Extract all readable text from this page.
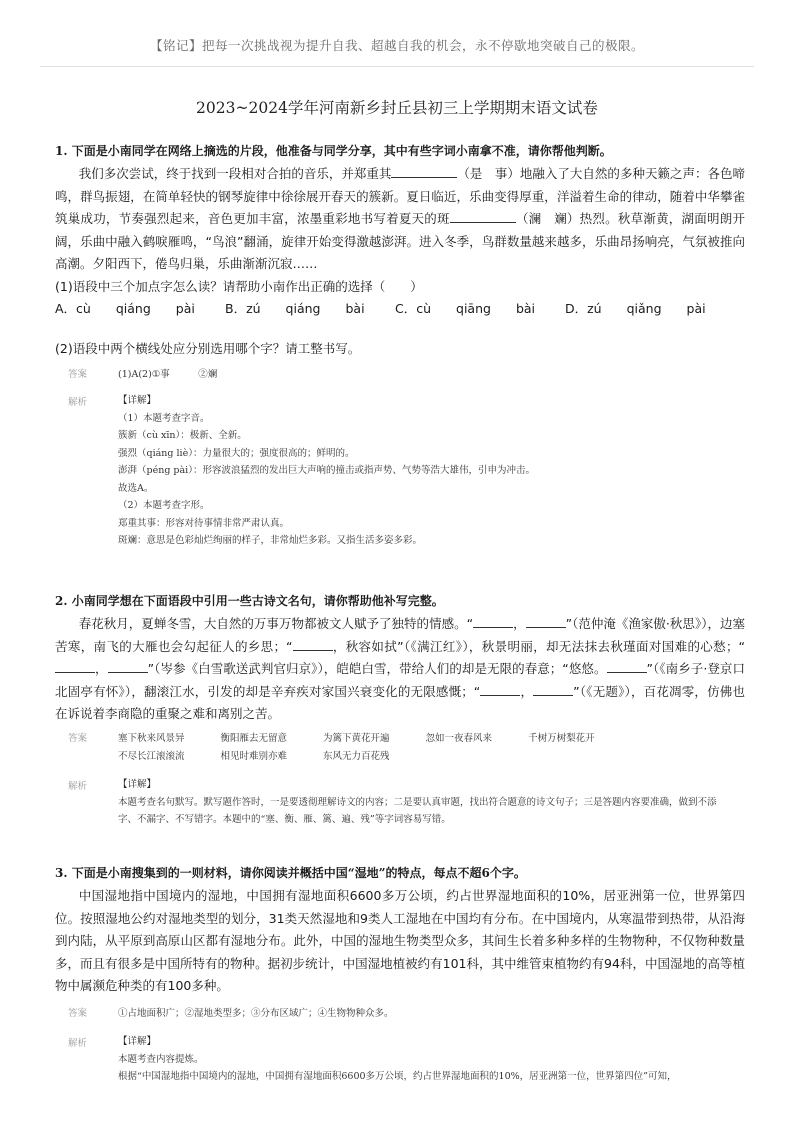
【铭记】把每一次挑战视为提升自我、超越自我的机会，永不停歇地突破自己的极限。
2023~2024学年河南新乡封丘县初三上学期期末语文试卷
1. 下面是小南同学在网络上摘选的片段，他准备与同学分享，其中有些字词小南拿不准，请你帮他判断。
我们多次尝试，终于找到一段相对合拍的音乐，并郑重其	（是　事）地融入了大自然的多种天籁之声：各色啼鸣，群鸟振翅，在简单轻快的钢琴旋律中徐徐展开春天的簇新。夏日临近，乐曲变得厚重，洋溢着生命的律动，随着中华攀雀筑巢成功，节奏强烈起来，音色更加丰富，浓墨重彩地书写着夏天的斑	（澜　斓）热烈。秋草渐黄，湖面明朗开阔，乐曲中融入鹤唳雁鸣，“鸟浪”翻涌，旋律开始变得激越澎湃。进入冬季，鸟群数量越来越多，乐曲昂扬响亮，气氛被推向高潮。夕阳西下，倦鸟归巢，乐曲渐渐沉寂……
(1)语段中三个加点字怎么读？请帮助小南作出正确的选择（　　）
A．cù　　qiáng　　pài	B．zú　　qiáng　　bài	C．cù　　qiāng　　bài	D．zú　　qiǎng　　pài
(2)语段中两个横线处应分别选用哪个字？请工整书写。
答案	(1)A(2)①事　　　②斓
解析	【详解】
（1）本题考查字音。
簇新（cù xīn）：极新、全新。
强烈（qiáng liè）：力量很大的；强度很高的；鲜明的。
澎湃（péng pài）：形容波浪猛烈的发出巨大声响的撞击或指声势、气势等浩大雄伟，引申为冲击。
故选A。
（2）本题考查字形。
郑重其事：形容对待事情非常严肃认真。
斑斓：意思是色彩灿烂绚丽的样子，非常灿烂多彩。又指生活多姿多彩。
2. 小南同学想在下面语段中引用一些古诗文名句，请你帮助他补写完整。
春花秋月，夏蝉冬雪，大自然的万事万物都被文人赋予了独特的情感。“	，	”（范仲淹《渔家傲·秋思》），边塞苦寒，南飞的大雁也会勾起征人的乡思；“	，秋容如拭”（《满江红》），秋景明丽，却无法抹去秋瑾面对国难的心愁；“，	”（岑参《白雪歌送武判官归京》），皑皑白雪，带给人们的却是无限的春意；“悠悠。	”（《南乡子·登京口北固亭有怀》），翻滚江水，引发的却是辛弃疾对家国兴衰变化的无限感慨；“	，	”（《无题》），百花凋零，仿佛也在诉说着李商隐的重聚之难和离别之苦。
答案	塞下秋来风景异	衡阳雁去无留意	为篱下黄花开遍	忽如一夜春风来	千树万树梨花开
不尽长江滚滚流	相见时难别亦难	东风无力百花残
解析	【详解】
本题考查名句默写。默写题作答时，一是要透彻理解诗文的内容；二是要认真审题，找出符合题意的诗文句子；三是答题内容要准确，做到不添字、不漏字、不写错字。本题中的“塞、衡、雁、篱、遍、残”等字词容易写错。
3. 下面是小南搜集到的一则材料，请你阅读并概括中国“湿地”的特点，每点不超6个字。
中国湿地指中国境内的湿地，中国拥有湿地面积6600多万公顷，约占世界湿地面积的10%，居亚洲第一位，世界第四位。按照湿地公约对湿地类型的划分，31类天然湿地和9类人工湿地在中国均有分布。在中国境内，从寒温带到热带，从沿海到内陆，从平原到高原山区都有湿地分布。此外，中国的湿地生物类型众多，其间生长着多种多样的生物物种，不仅物种数量多，而且有很多是中国所特有的物种。据初步统计，中国湿地植被约有101科，其中维管束植物约有94科，中国湿地的高等植物中属濒危种类的有100多种。
答案	①占地面积广；②湿地类型多；③分布区域广；④生物物种众多。
解析	【详解】
本题考查内容提炼。
根据“中国湿地指中国境内的湿地，中国拥有湿地面积6600多万公顷，约占世界湿地面积的10%，居亚洲第一位，世界第四位”可知，
